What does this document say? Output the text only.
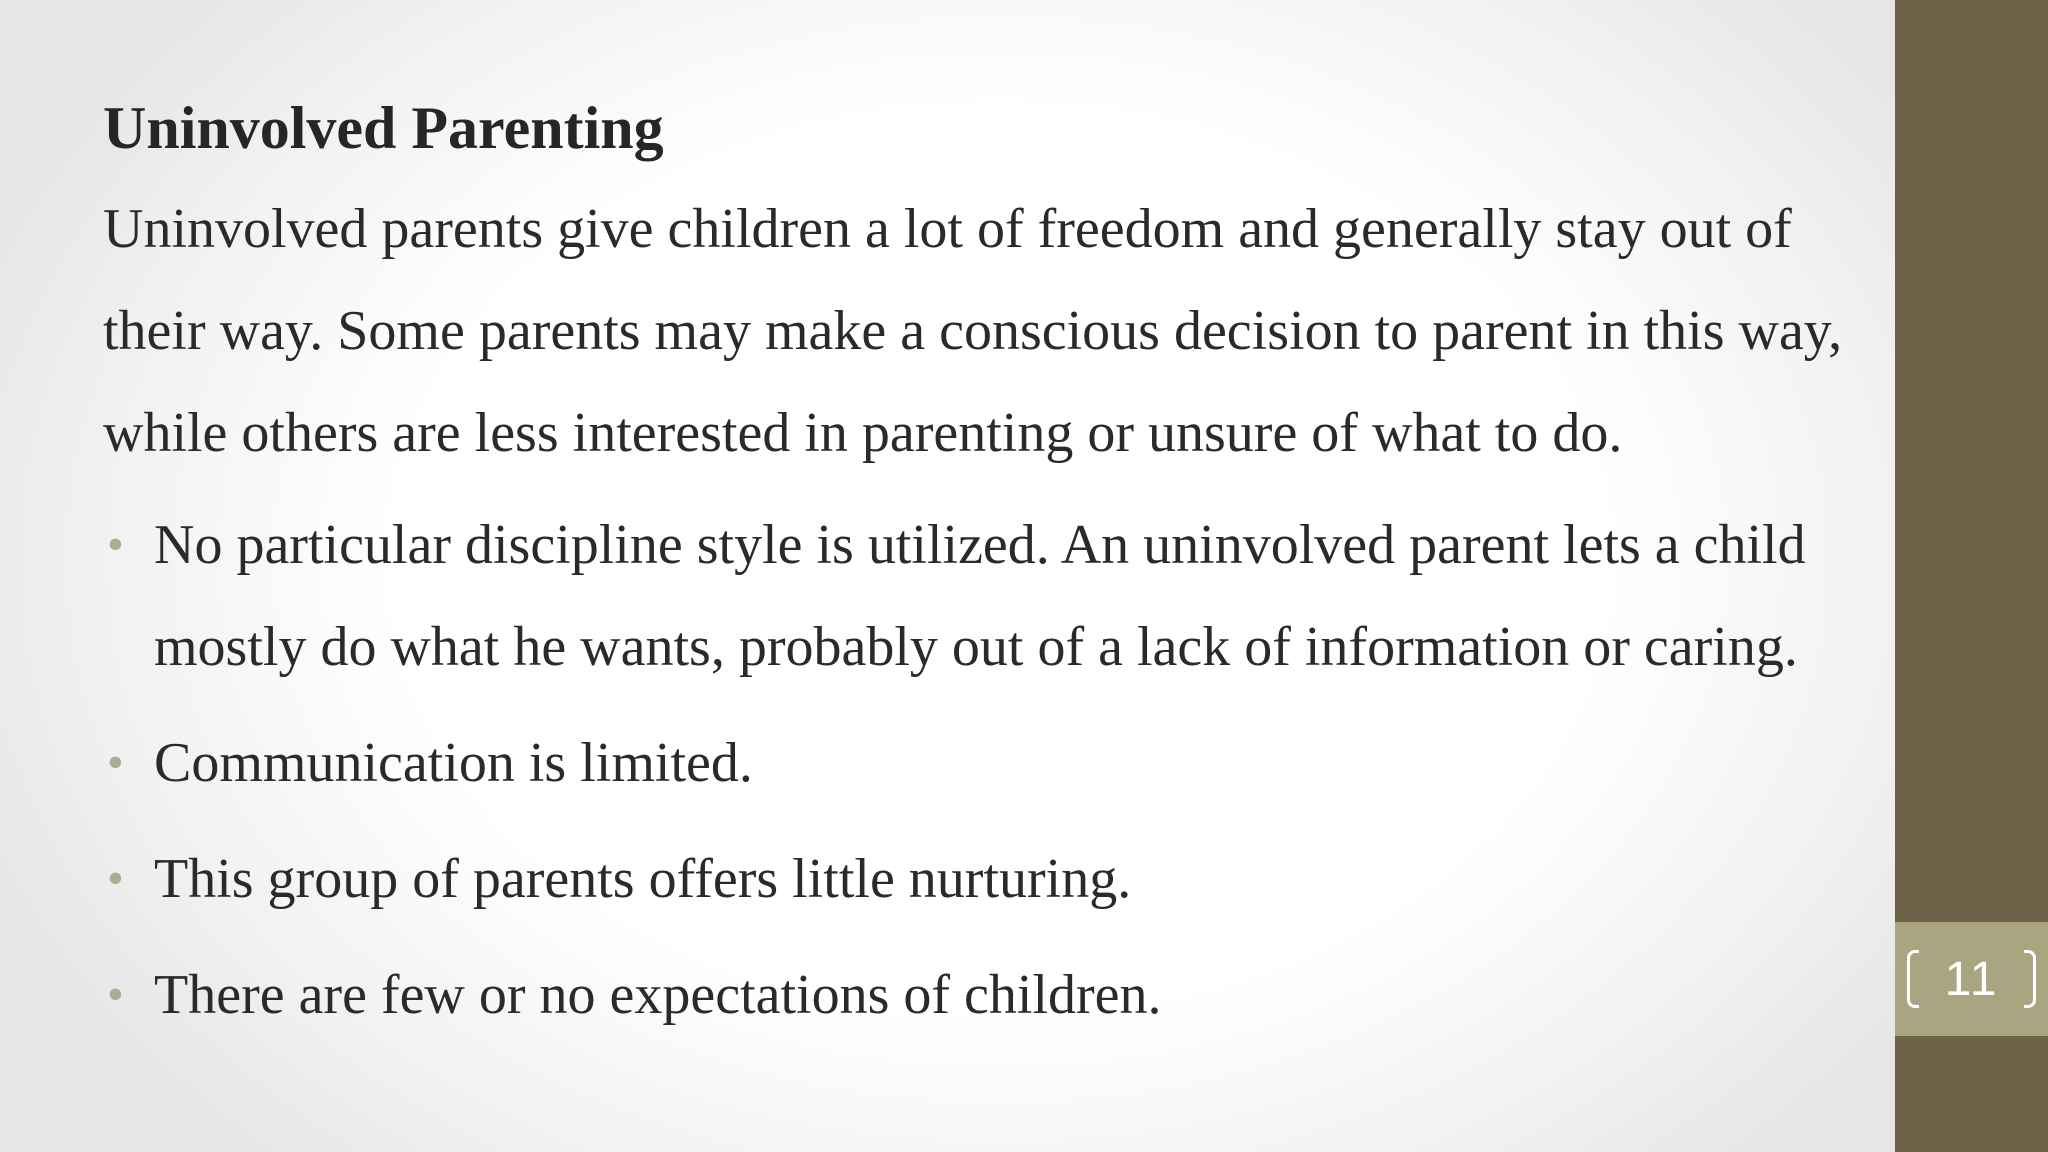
Uninvolved Parenting

Uninvolved parents give children a lot of freedom and generally stay out of
their way. Some parents may make a conscious decision to parent in this way,
while others are less interested in parenting or unsure of what to do.

• No particular discipline style is utilized. An uninvolved parent lets a child
mostly do what he wants, probably out of a lack of information or caring.
• Communication is limited.
• This group of parents offers little nurturing.
• There are few or no expectations of children.	11
